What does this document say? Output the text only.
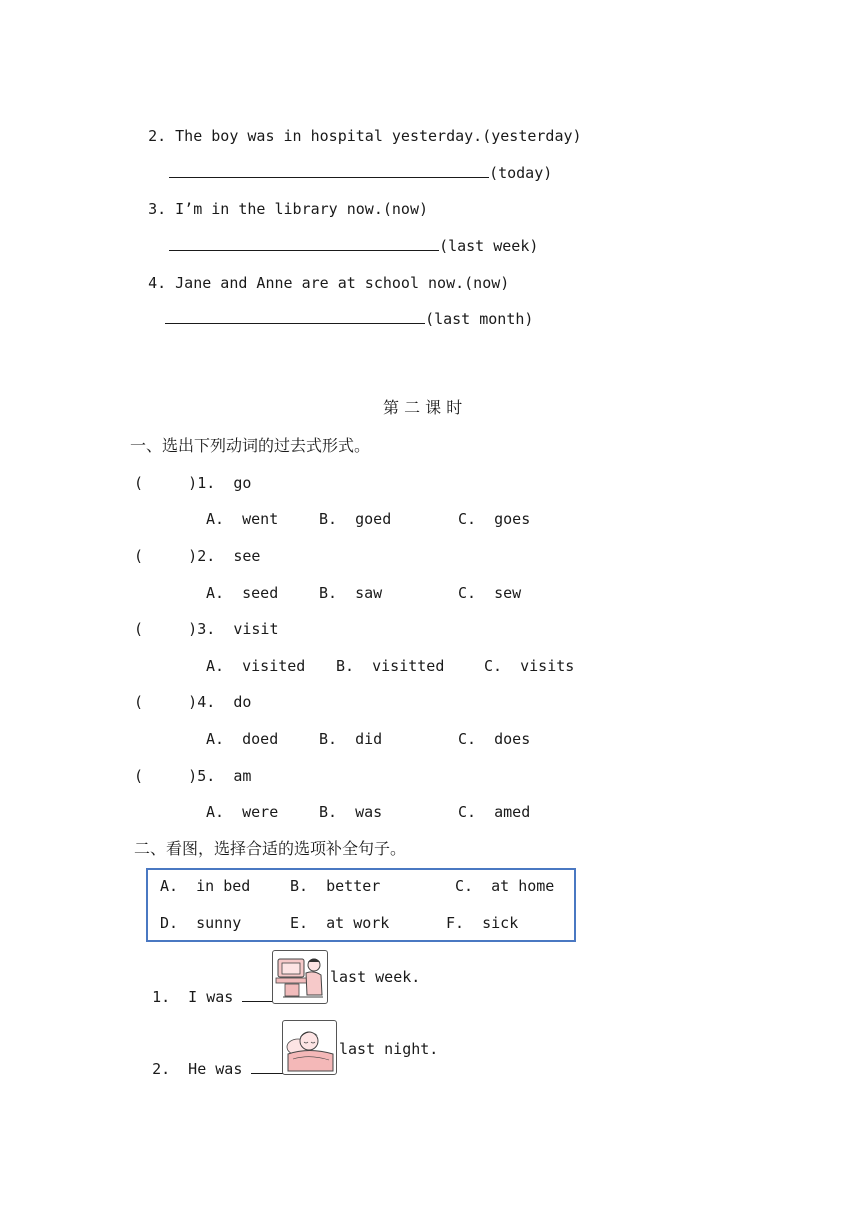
2. The boy was in hospital yesterday.(yesterday)

(today)

3. I’m in the library now.(now)

(last week)

4. Jane and Anne are at school now.(now)

(last month)

第 二 课 时
一、选出下列动词的过去式形式。
(     )1.  go
A.  went	B.  goed	C.  goes
(     )2.  see
A.  seed	B.  saw	C.  sew
(     )3.  visit
A.  visited B.  visitted	C.  visits
(     )4.  do
A.  doed	B.  did	C.  does
(     )5.  am
A.  were	B.  was	C.  amed
二、看图，选择合适的选项补全句子。
A.  in bed	B.  better	C.  at home
D.  sunny	E.  at work	F.  sick

1.  I was

last week.

2.  He was

last night.
